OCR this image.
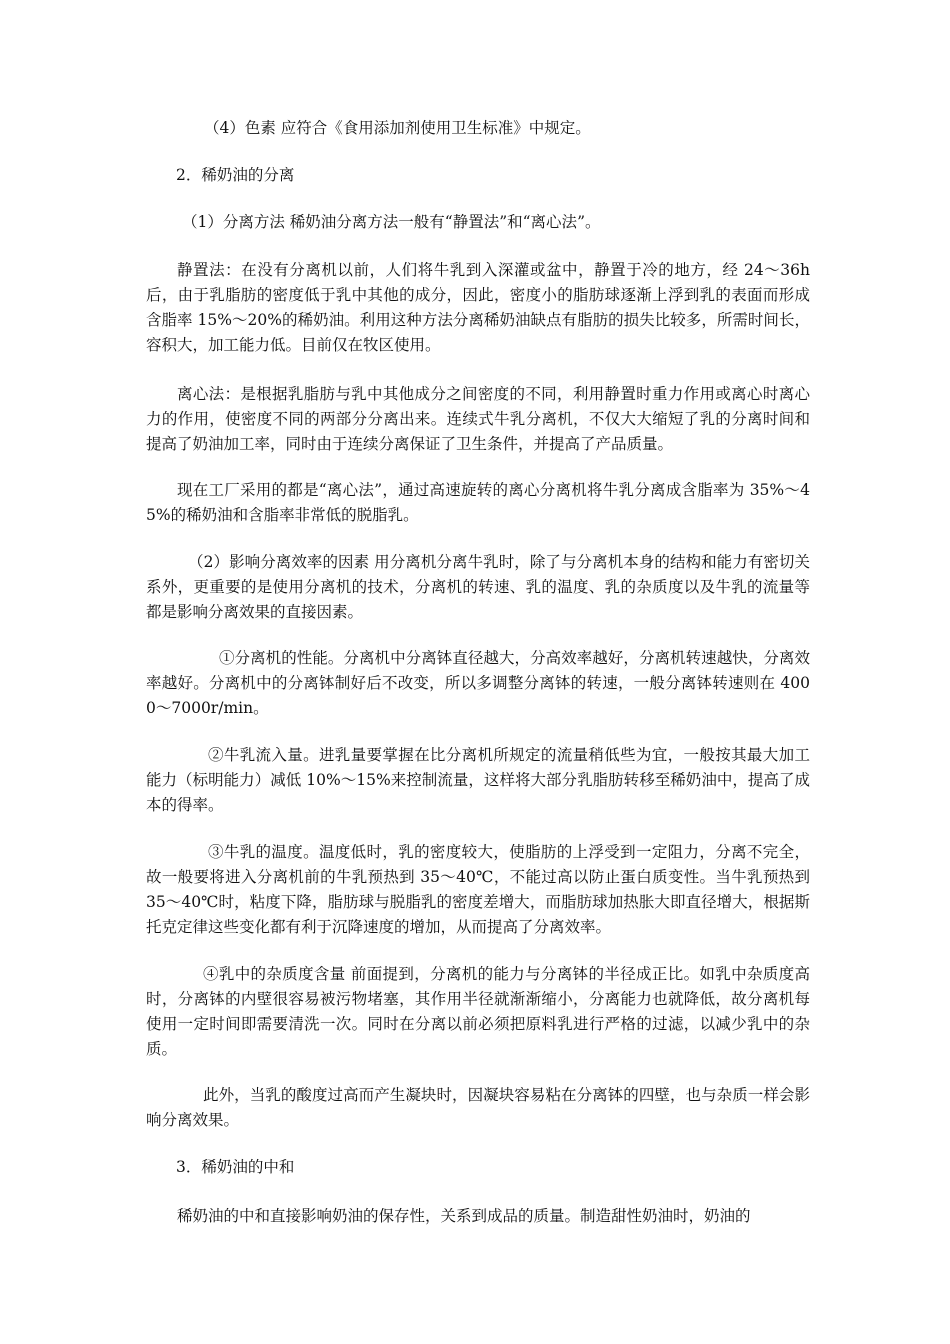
（4）色素 应符合《食用添加剂使用卫生标准》中规定。

2．稀奶油的分离

（1）分离方法 稀奶油分离方法一般有“静置法”和“离心法”。

静置法：在没有分离机以前，人们将牛乳到入深灌或盆中，静置于冷的地方，经 24～36h 后，由于乳脂肪的密度低于乳中其他的成分，因此，密度小的脂肪球逐渐上浮到乳的表面而形成含脂率 15%～20%的稀奶油。利用这种方法分离稀奶油缺点有脂肪的损失比较多，所需时间长，容积大，加工能力低。目前仅在牧区使用。

离心法：是根据乳脂肪与乳中其他成分之间密度的不同，利用静置时重力作用或离心时离心力的作用，使密度不同的两部分分离出来。连续式牛乳分离机，不仅大大缩短了乳的分离时间和提高了奶油加工率，同时由于连续分离保证了卫生条件，并提高了产品质量。

现在工厂采用的都是“离心法”，通过高速旋转的离心分离机将牛乳分离成含脂率为 35%～45%的稀奶油和含脂率非常低的脱脂乳。

（2）影响分离效率的因素 用分离机分离牛乳时，除了与分离机本身的结构和能力有密切关系外，更重要的是使用分离机的技术，分离机的转速、乳的温度、乳的杂质度以及牛乳的流量等都是影响分离效果的直接因素。

①分离机的性能。分离机中分离钵直径越大，分高效率越好，分离机转速越快，分离效率越好。分离机中的分离钵制好后不改变，所以多调整分离钵的转速，一般分离钵转速则在 4000～7000r/min。

②牛乳流入量。进乳量要掌握在比分离机所规定的流量稍低些为宜，一般按其最大加工能力（标明能力）减低 10%～15%来控制流量，这样将大部分乳脂肪转移至稀奶油中，提高了成本的得率。

③牛乳的温度。温度低时，乳的密度较大，使脂肪的上浮受到一定阻力，分离不完全，故一般要将进入分离机前的牛乳预热到 35～40℃，不能过高以防止蛋白质变性。当牛乳预热到 35～40℃时，粘度下降，脂肪球与脱脂乳的密度差增大，而脂肪球加热胀大即直径增大，根据斯托克定律这些变化都有利于沉降速度的增加，从而提高了分离效率。

④乳中的杂质度含量 前面提到，分离机的能力与分离钵的半径成正比。如乳中杂质度高时，分离钵的内壁很容易被污物堵塞，其作用半径就渐渐缩小，分离能力也就降低，故分离机每使用一定时间即需要清洗一次。同时在分离以前必须把原料乳进行严格的过滤，以减少乳中的杂质。

此外，当乳的酸度过高而产生凝块时，因凝块容易粘在分离钵的四壁，也与杂质一样会影响分离效果。

3．稀奶油的中和

稀奶油的中和直接影响奶油的保存性，关系到成品的质量。制造甜性奶油时，奶油的
